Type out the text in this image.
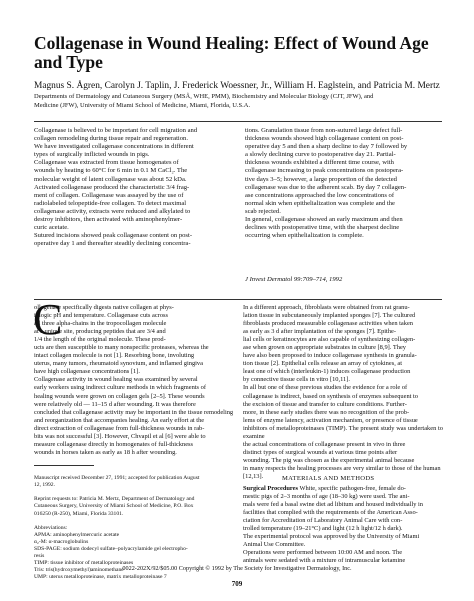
Collagenase in Wound Healing: Effect of Wound Age and Type
Magnus S. Ågren, Carolyn J. Taplin, J. Frederick Woessner, Jr., William H. Eaglstein, and Patricia M. Mertz
Departments of Dermatology and Cutaneous Surgery (MSÅ, WHE, PMM), Biochemistry and Molecular Biology (CJT, JFW), and
Medicine (JFW), University of Miami School of Medicine, Miami, Florida, U.S.A.
Collagenase is believed to be important for cell migration and
collagen remodeling during tissue repair and regeneration.
We have investigated collagenase concentrations in different
types of surgically inflicted wounds in pigs.
Collagenase was extracted from tissue homogenates of
wounds by heating to 60°C for 6 min in 0.1 M CaCl₂. The
molecular weight of latent collagenase was about 52 kDa.
Activated collagenase produced the characteristic 3/4 frag-
ment of collagen. Collagenase was assayed by the use of
radiolabeled telopeptide-free collagen. To detect maximal
collagenase activity, extracts were reduced and alkylated to
destroy inhibitors, then activated with aminophenylmer-
curic acetate.
Sutured incisions showed peak collagenase content on post-
operative day 1 and thereafter steadily declining concentra-
tions. Granulation tissue from non-sutured large defect full-
thickness wounds showed high collagenase content on post-
operative day 5 and then a sharp decline to day 7 followed by
a slowly declining curve to postoperative day 21. Partial-
thickness wounds exhibited a different time course, with
collagenase increasing to peak concentrations on postopera-
tive days 3–5; however, a large proportion of the detected
collagenase was due to the adherent scab. By day 7 collagen-
ase concentrations approached the low concentrations of
normal skin when epithelialization was complete and the
scab rejected.
In general, collagenase showed an early maximum and then
declines with postoperative time, with the sharpest decline
occurring when epithelialization is complete.
J Invest Dermatol 99:709–714, 1992
C
ollagenase specifically digests native collagen at phys-
iologic pH and temperature. Collagenase cuts across
all three alpha-chains in the tropocollagen molecule
at a unique site, producing peptides that are 3/4 and
1/4 the length of the original molecule. These prod-
ucts are then susceptible to many nonspecific proteases, whereas the
intact collagen molecule is not [1]. Resorbing bone, involuting
uterus, many tumors, rheumatoid synovium, and inflamed gingiva
have high collagenase concentrations [1].
Collagenase activity in wound healing was examined by several
early workers using indirect culture methods in which fragments of
healing wounds were grown on collagen gels [2–5]. These wounds
were relatively old — 11–15 d after wounding. It was therefore
concluded that collagenase activity may be important in the tissue remodeling
and reorganization that accompanies healing. An early effort at the
direct extraction of collagenase from full-thickness wounds in rab-
bits was not successful [3]. However, Chvapil et al [6] were able to
measure collagenase directly in homogenates of full-thickness
wounds in horses taken as early as 18 h after wounding.
In a different approach, fibroblasts were obtained from rat granu-
lation tissue in subcutaneously implanted sponges [7]. The cultured
fibroblasts produced measurable collagenase activities when taken
as early as 3 d after implantation of the sponges [7]. Epithe-
lial cells or keratinocytes are also capable of synthesizing collagen-
ase when grown on appropriate substrates in culture [8,9]. They
have also been proposed to induce collagenase synthesis in granula-
tion tissue [2]. Epithelial cells release an array of cytokines, at
least one of which (interleukin-1) induces collagenase production
by connective tissue cells in vitro [10,11].
In all but one of these previous studies the evidence for a role of
collagenase is indirect, based on synthesis of enzymes subsequent to
the excision of tissue and transfer to culture conditions. Further-
more, in these early studies there was no recognition of the prob-
lems of enzyme latency, activation mechanism, or presence of tissue
inhibitors of metalloproteinases (TIMP). The present study was undertaken to examine
the actual concentrations of collagenase present in vivo in three
distinct types of surgical wounds at various time points after
wounding. The pig was chosen as the experimental animal because
in many respects the healing processes are very similar to those of the human
[12,13].

Manuscript received December 27, 1991; accepted for publication August
12, 1992.

Reprint requests to: Patricia M. Mertz, Department of Dermatology and
Cutaneous Surgery, University of Miami School of Medicine, P.O. Box
016250 (R-250), Miami, Florida 33101.

Abbreviations:
APMA: aminophenylmercuric acetate
α₂-M: α-macroglobulins
SDS-PAGE: sodium dodecyl sulfate–polyacrylamide gel electropho-
resis
TIMP: tissue inhibitor of metalloproteinases
Tris: tris(hydroxymethyl)aminomethane
UMP: uterus metalloproteinase, matrix metalloproteinase 7

MATERIALS AND METHODS
Surgical Procedures White, specific pathogen-free, female do-
mestic pigs of 2–3 months of age (18–30 kg) were used. The ani-
mals were fed a basal swine diet ad libitum and housed individually in
facilities that complied with the requirements of the American Asso-
ciation for Accreditation of Laboratory Animal Care with con-
trolled temperature (19–21°C) and light (12 h light/12 h dark).
The experimental protocol was approved by the University of Miami
Animal Use Committee.
Operations were performed between 10:00 AM and noon. The
animals were sedated with a mixture of intramuscular ketamine
0022-202X/92/$05.00 Copyright © 1992 by The Society for Investigative Dermatology, Inc.
709
